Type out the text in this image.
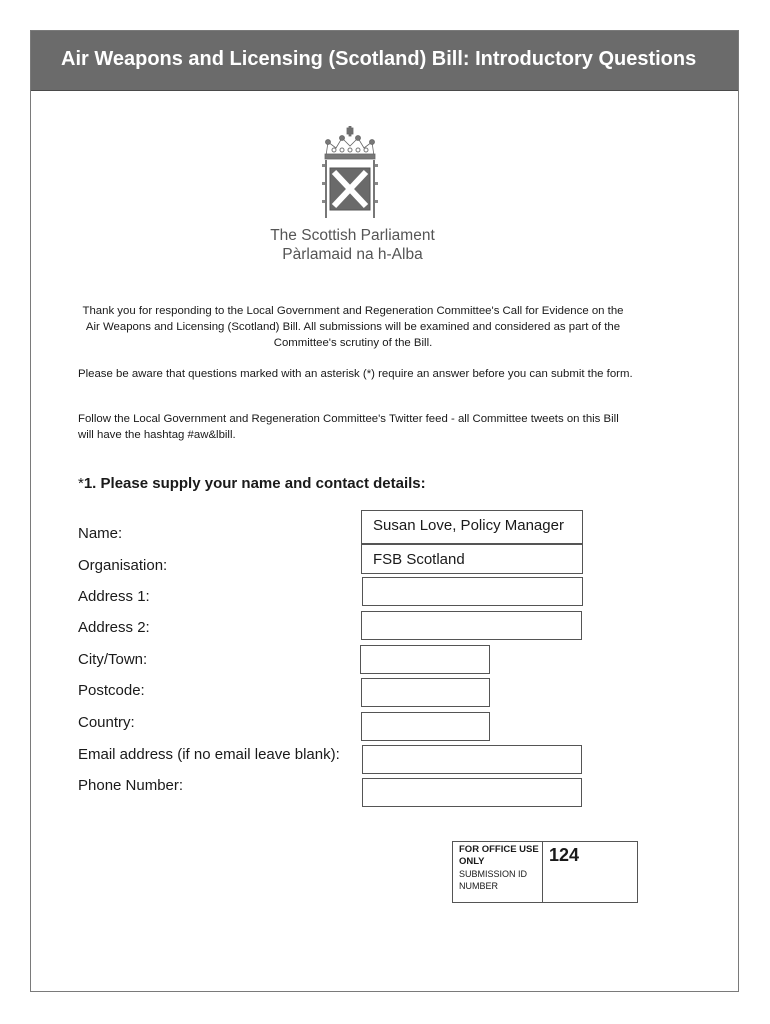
Air Weapons and Licensing (Scotland) Bill: Introductory Questions
The Scottish Parliament
Pàrlamaid na h-Alba
Thank you for responding to the Local Government and Regeneration Committee's Call for Evidence on the Air Weapons and Licensing (Scotland) Bill. All submissions will be examined and considered as part of the Committee's scrutiny of the Bill.
Please be aware that questions marked with an asterisk (*) require an answer before you can submit the form.
Follow the Local Government and Regeneration Committee's Twitter feed - all Committee tweets on this Bill will have the hashtag #aw&lbill.
*1. Please supply your name and contact details:
Name:	Susan Love, Policy Manager
Organisation:	FSB Scotland
Address 1:
Address 2:
City/Town:
Postcode:
Country:
Email address (if no email leave blank):
Phone Number:
FOR OFFICE USE ONLY
SUBMISSION ID NUMBER
124
